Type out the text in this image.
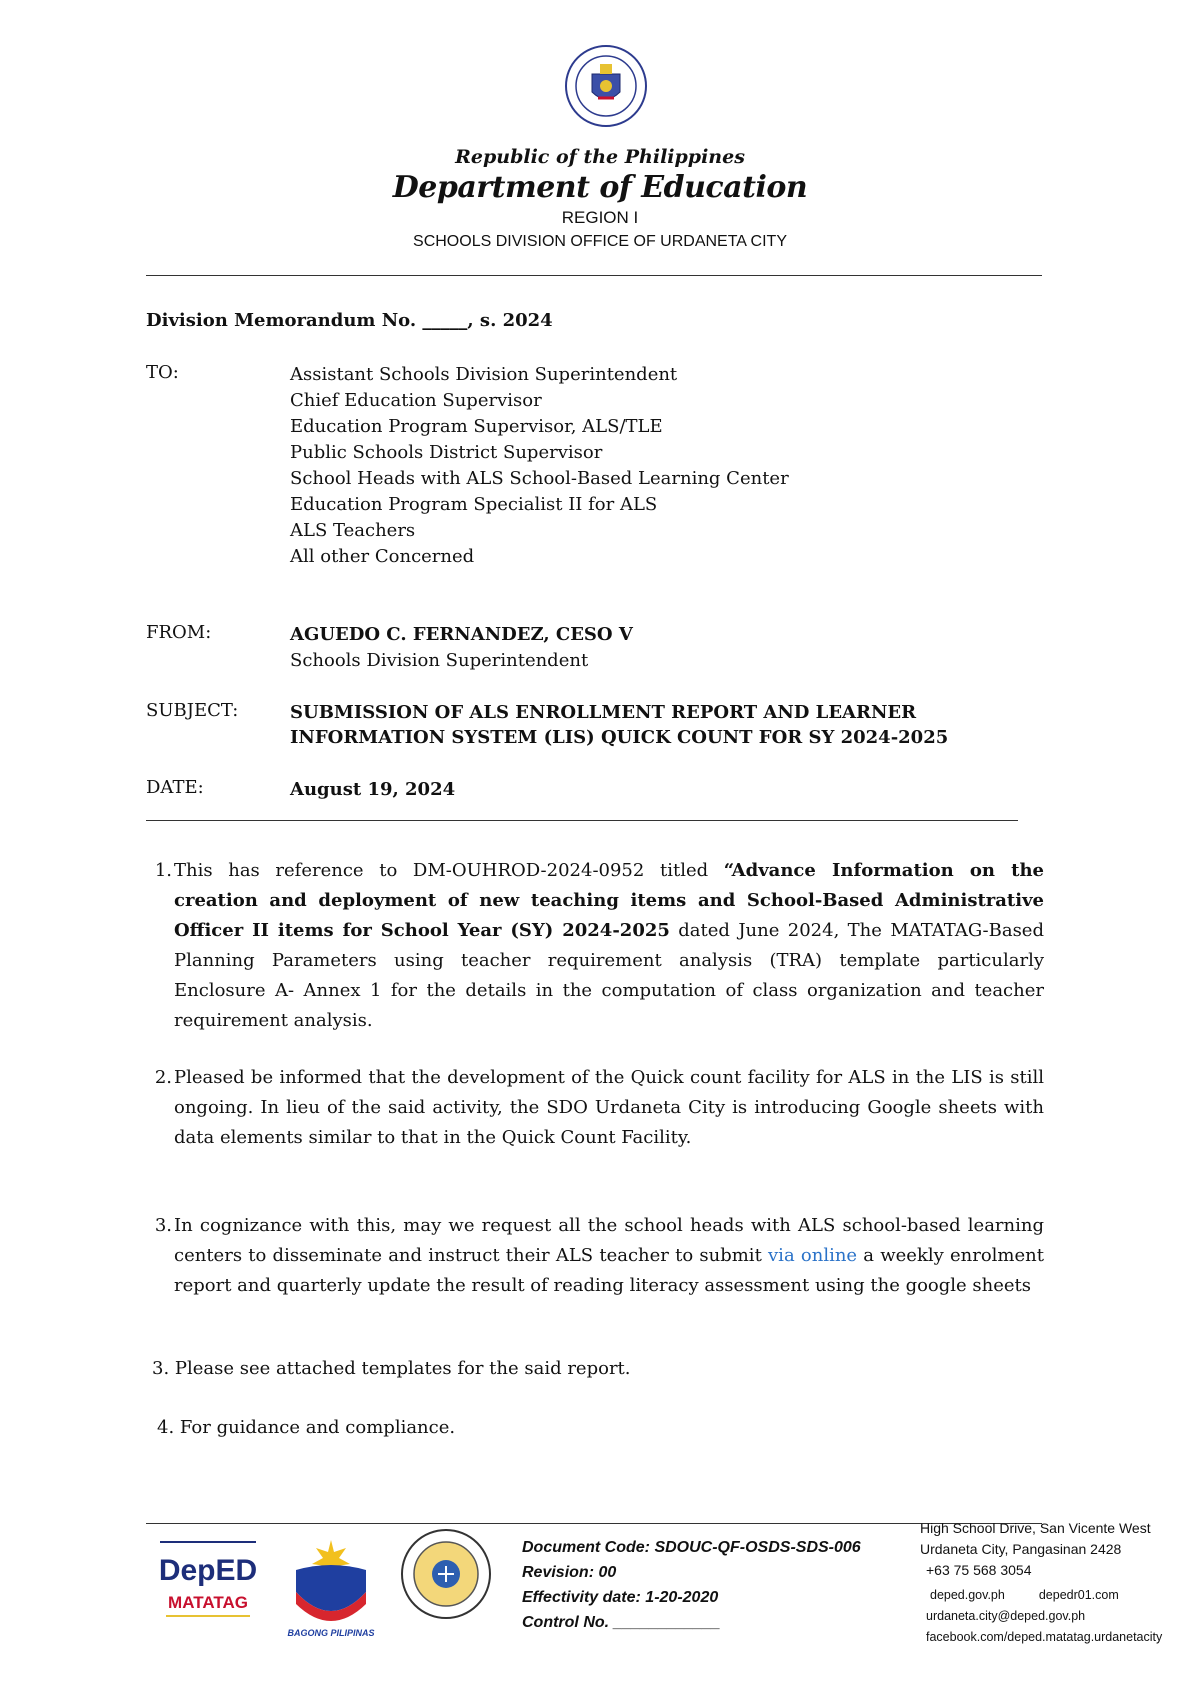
Republic of the Philippines
Department of Education
REGION I
SCHOOLS DIVISION OFFICE OF URDANETA CITY
Division Memorandum No. _____, s. 2024
TO:	Assistant Schools Division Superintendent
Chief Education Supervisor
Education Program Supervisor, ALS/TLE
Public Schools District Supervisor
School Heads with ALS School-Based Learning Center
Education Program Specialist II for ALS
ALS Teachers
All other Concerned
FROM:	AGUEDO C. FERNANDEZ, CESO V
Schools Division Superintendent
SUBJECT:	SUBMISSION OF ALS ENROLLMENT REPORT AND LEARNER
INFORMATION SYSTEM (LIS) QUICK COUNT FOR SY 2024-2025
DATE:	August 19, 2024
1. This has reference to DM-OUHROD-2024-0952 titled “Advance Information on the creation and deployment of new teaching items and School-Based Administrative Officer II items for School Year (SY) 2024-2025 dated June 2024, The MATATAG-Based Planning Parameters using teacher requirement analysis (TRA) template particularly Enclosure A- Annex 1 for the details in the computation of class organization and teacher requirement analysis.
2. Pleased be informed that the development of the Quick count facility for ALS in the LIS is still ongoing. In lieu of the said activity, the SDO Urdaneta City is introducing Google sheets with data elements similar to that in the Quick Count Facility.
3. In cognizance with this, may we request all the school heads with ALS school-based learning centers to disseminate and instruct their ALS teacher to submit via online a weekly enrolment report and quarterly update the result of reading literacy assessment using the google sheets
3. Please see attached templates for the said report.
4. For guidance and compliance.
DepED
MATATAG
BAGONG PILIPINAS
Document Code: SDOUC-QF-OSDS-SDS-006
Revision: 00
Effectivity date: 1-20-2020
Control No. ____________
High School Drive, San Vicente West
Urdaneta City, Pangasinan 2428
+63 75 568 3054
deped.gov.ph	depedr01.com
urdaneta.city@deped.gov.ph
facebook.com/deped.matatag.urdanetacity
